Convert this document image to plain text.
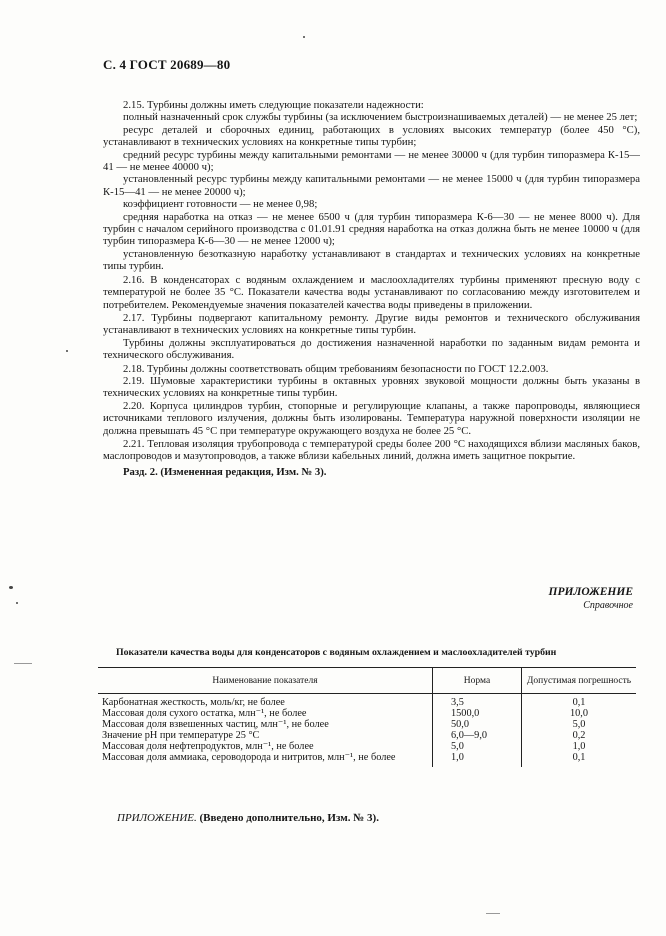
С. 4 ГОСТ 20689—80

2.15. Турбины должны иметь следующие показатели надежности:

полный назначенный срок службы турбины (за исключением быстроизнашиваемых деталей) — не менее 25 лет;

ресурс деталей и сборочных единиц, работающих в условиях высоких температур (более 450 °С), устанавливают в технических условиях на конкретные типы турбин;

средний ресурс турбины между капитальными ремонтами — не менее 30000 ч (для турбин типоразмера К-15—41 — не менее 40000 ч);

установленный ресурс турбины между капитальными ремонтами — не менее 15000 ч (для турбин типоразмера К-15—41 — не менее 20000 ч);

коэффициент готовности — не менее 0,98;

средняя наработка на отказ — не менее 6500 ч (для турбин типоразмера К-6—30 — не менее 8000 ч). Для турбин с началом серийного производства с 01.01.91 средняя наработка на отказ должна быть не менее 10000 ч (для турбин типоразмера К-6—30 — не менее 12000 ч);

установленную безотказную наработку устанавливают в стандартах и технических условиях на конкретные типы турбин.

2.16. В конденсаторах с водяным охлаждением и маслоохладителях турбины применяют пресную воду с температурой не более 35 °С. Показатели качества воды устанавливают по согласованию между изготовителем и потребителем. Рекомендуемые значения показателей качества воды приведены в приложении.

2.17. Турбины подвергают капитальному ремонту. Другие виды ремонтов и технического обслуживания устанавливают в технических условиях на конкретные типы турбин.

Турбины должны эксплуатироваться до достижения назначенной наработки по заданным видам ремонта и технического обслуживания.

2.18. Турбины должны соответствовать общим требованиям безопасности по ГОСТ 12.2.003.

2.19. Шумовые характеристики турбины в октавных уровнях звуковой мощности должны быть указаны в технических условиях на конкретные типы турбин.

2.20. Корпуса цилиндров турбин, стопорные и регулирующие клапаны, а также паропроводы, являющиеся источниками теплового излучения, должны быть изолированы. Температура наружной поверхности изоляции не должна превышать 45 °С при температуре окружающего воздуха не более 25 °С.

2.21. Тепловая изоляция трубопровода с температурой среды более 200 °С находящихся вблизи масляных баков, маслопроводов и мазутопроводов, а также вблизи кабельных линий, должна иметь защитное покрытие.

Разд. 2. (Измененная редакция, Изм. № 3).

ПРИЛОЖЕНИЕ
Справочное
Показатели качества воды для конденсаторов с водяным охлаждением и маслоохладителей турбин
Наименование показателя	Норма	Допустимая погрешность
Карбонатная жесткость, моль/кг, не более	3,5	0,1
Массовая доля сухого остатка, млн⁻¹, не более	1500,0	10,0
Массовая доля взвешенных частиц, млн⁻¹, не более	50,0	5,0
Значение pH при температуре 25 °С	6,0—9,0	0,2
Массовая доля нефтепродуктов, млн⁻¹, не более	5,0	1,0
Массовая доля аммиака, сероводорода и нитритов, млн⁻¹, не более	1,0	0,1
ПРИЛОЖЕНИЕ. (Введено дополнительно, Изм. № 3).
